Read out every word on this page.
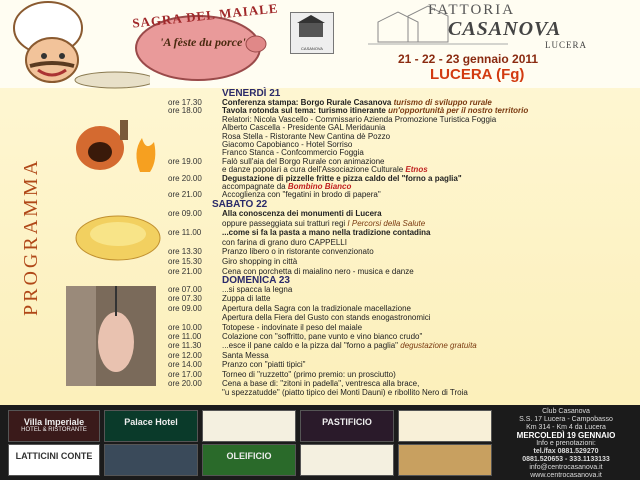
SAGRA DEL MAIALE
'A fèste du porce'	CASANOVA
FATTORIA
CASANOVA
LUCERA
21 - 22 - 23 gennaio 2011
LUCERA (Fg)
PROGRAMMA
VENERDÌ 21
SABATO 22
DOMENICA 23
ore 17.30	Conferenza stampa: Borgo Rurale Casanova turismo di sviluppo rurale
ore 18.00	Tavola rotonda sul tema: turismo itinerante un'opportunità per il nostro territorio
Relatori: Nicola Vascello - Commissario Azienda Promozione Turistica Foggia
Alberto Cascella - Presidente GAL Meridaunia
Rosa Stella - Ristorante New Cantina dè Pozzo
Giacomo Capobianco - Hotel Sorriso
Franco Stanca - Confcommercio Foggia
ore 19.00	Falò sull'aia del Borgo Rurale con animazione
e danze popolari a cura dell'Associazione Culturale Etnos
ore 20.00	Degustazione di pizzelle fritte e pizza caldo del "forno a paglia"
accompagnate da Bombino Bianco
ore 21.00	Accoglienza con "fegatini in brodo di papera"
ore 09.00	Alla conoscenza dei monumenti di Lucera
oppure passeggiata sui tratturi regi I Percorsi della Salute
ore 11.00	...come si fa la pasta a mano nella tradizione contadina
con farina di grano duro CAPPELLI
ore 13.30	Pranzo libero o in ristorante convenzionato
ore 15.30	Giro shopping in città
ore 21.00	Cena con porchetta di maialino nero - musica e danze
ore 07.00	...si spacca la legna
ore 07.30	Zuppa di latte
ore 09.00	Apertura della Sagra con la tradizionale macellazione
Apertura della Fiera del Gusto con stands enogastronomici
ore 10.00	Totopese - indovinate il peso del maiale
ore 11.00	Colazione con "soffritto, pane vunto e vino bianco crudo"
ore 11.30	...esce il pane caldo e la pizza dal "forno a paglia" degustazione gratuita
ore 12.00	Santa Messa
ore 14.00	Pranzo con "piatti tipici"
ore 17.00	Torneo di "ruzzetto" (primo premio: un prosciutto)
ore 20.00	Cena a base di: "zitoni in padella", ventresca alla brace,
"u spezzatudde" (piatto tipico dei Monti Dauni) e ribollito Nero di Troia
Villa Imperiale
HOTEL & RISTORANTE
Palace Hotel	PASTIFICIO
LATTICINI CONTE	OLEIFICIO
Club Casanova
S.S. 17 Lucera - Campobasso
Km 314 - Km 4 da Lucera
MERCOLEDÌ 19 GENNAIO
Info e prenotazioni:
tel./fax 0881.529270
0881.520653 - 333.1133133
info@centrocasanova.it
www.centrocasanova.it
